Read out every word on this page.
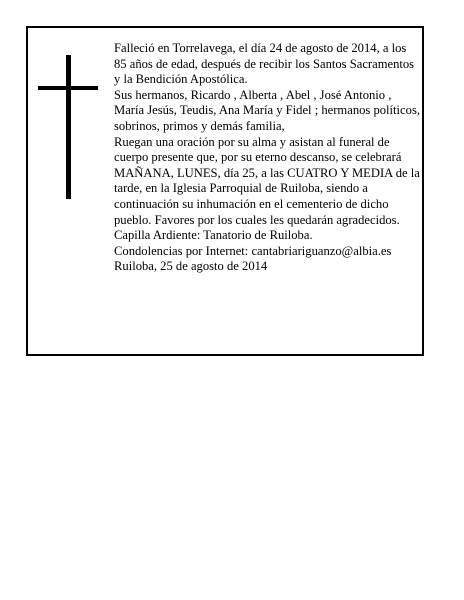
Falleció en Torrelavega, el día 24 de agosto de 2014, a los 85 años de edad, después de recibir los Santos Sacramentos y la Bendición Apostólica.

Sus hermanos, Ricardo , Alberta , Abel , José Antonio , María Jesús, Teudis, Ana María y Fidel ; hermanos políticos, sobrinos, primos y demás familia,

Ruegan una oración por su alma y asistan al funeral de cuerpo presente que, por su eterno descanso, se celebrará MAÑANA, LUNES, día 25, a las CUATRO Y MEDIA de la tarde, en la Iglesia Parroquial de Ruiloba, siendo a continuación su inhumación en el cementerio de dicho pueblo. Favores por los cuales les quedarán agradecidos. Capilla Ardiente: Tanatorio de Ruiloba.

Condolencias por Internet: cantabriariguanzo@albia.es

Ruiloba, 25 de agosto de 2014
